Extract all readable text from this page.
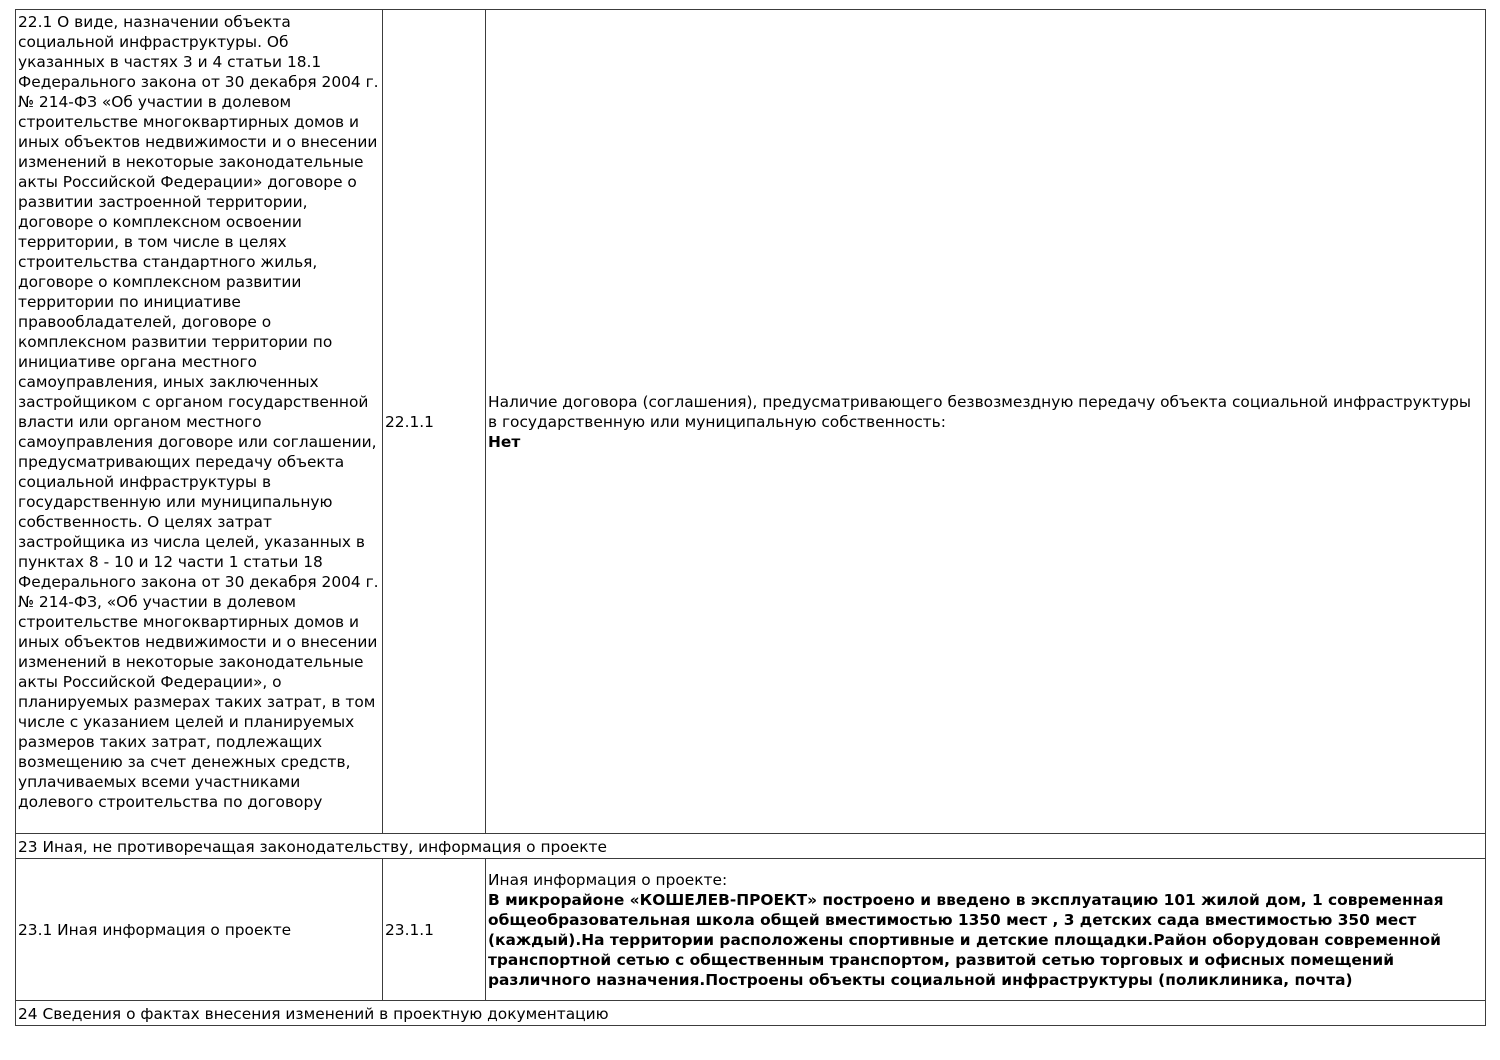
22.1 О виде, назначении объекта социальной инфраструктуры. Об указанных в частях 3 и 4 статьи 18.1 Федерального закона от 30 декабря 2004 г. № 214-ФЗ «Об участии в долевом строительстве многоквартирных домов и иных объектов недвижимости и о внесении изменений в некоторые законодательные акты Российской Федерации» договоре о развитии застроенной территории, договоре о комплексном освоении территории, в том числе в целях строительства стандартного жилья, договоре о комплексном развитии территории по инициативе правообладателей, договоре о комплексном развитии территории по инициативе органа местного самоуправления, иных заключенных застройщиком с органом государственной власти или органом местного самоуправления договоре или соглашении, предусматривающих передачу объекта социальной инфраструктуры в государственную или муниципальную собственность. О целях затрат застройщика из числа целей, указанных в пунктах 8 - 10 и 12 части 1 статьи 18 Федерального закона от 30 декабря 2004 г. № 214-ФЗ, «Об участии в долевом строительстве многоквартирных домов и иных объектов недвижимости и о внесении изменений в некоторые законодательные акты Российской Федерации», о планируемых размерах таких затрат, в том числе с указанием целей и планируемых размеров таких затрат, подлежащих возмещению за счет денежных средств, уплачиваемых всеми участниками долевого строительства по договору	22.1.1	Наличие договора (соглашения), предусматривающего безвозмездную передачу объекта социальной инфраструктуры в государственную или муниципальную собственность:
Нет

23 Иная, не противоречащая законодательству, информация о проекте		
23.1 Иная информация о проекте	23.1.1	Иная информация о проекте:
В микрорайоне «КОШЕЛЕВ-ПРОЕКТ» построено и введено в эксплуатацию 101 жилой дом, 1 современная общеобразовательная школа общей вместимостью 1350 мест , 3 детских сада вместимостью 350 мест (каждый).На территории расположены спортивные и детские площадки.Район оборудован современной транспортной сетью с общественным транспортом, развитой сетью торговых и офисных помещений различного назначения.Построены объекты социальной инфраструктуры (поликлиника, почта)

24 Сведения о фактах внесения изменений в проектную документацию		
